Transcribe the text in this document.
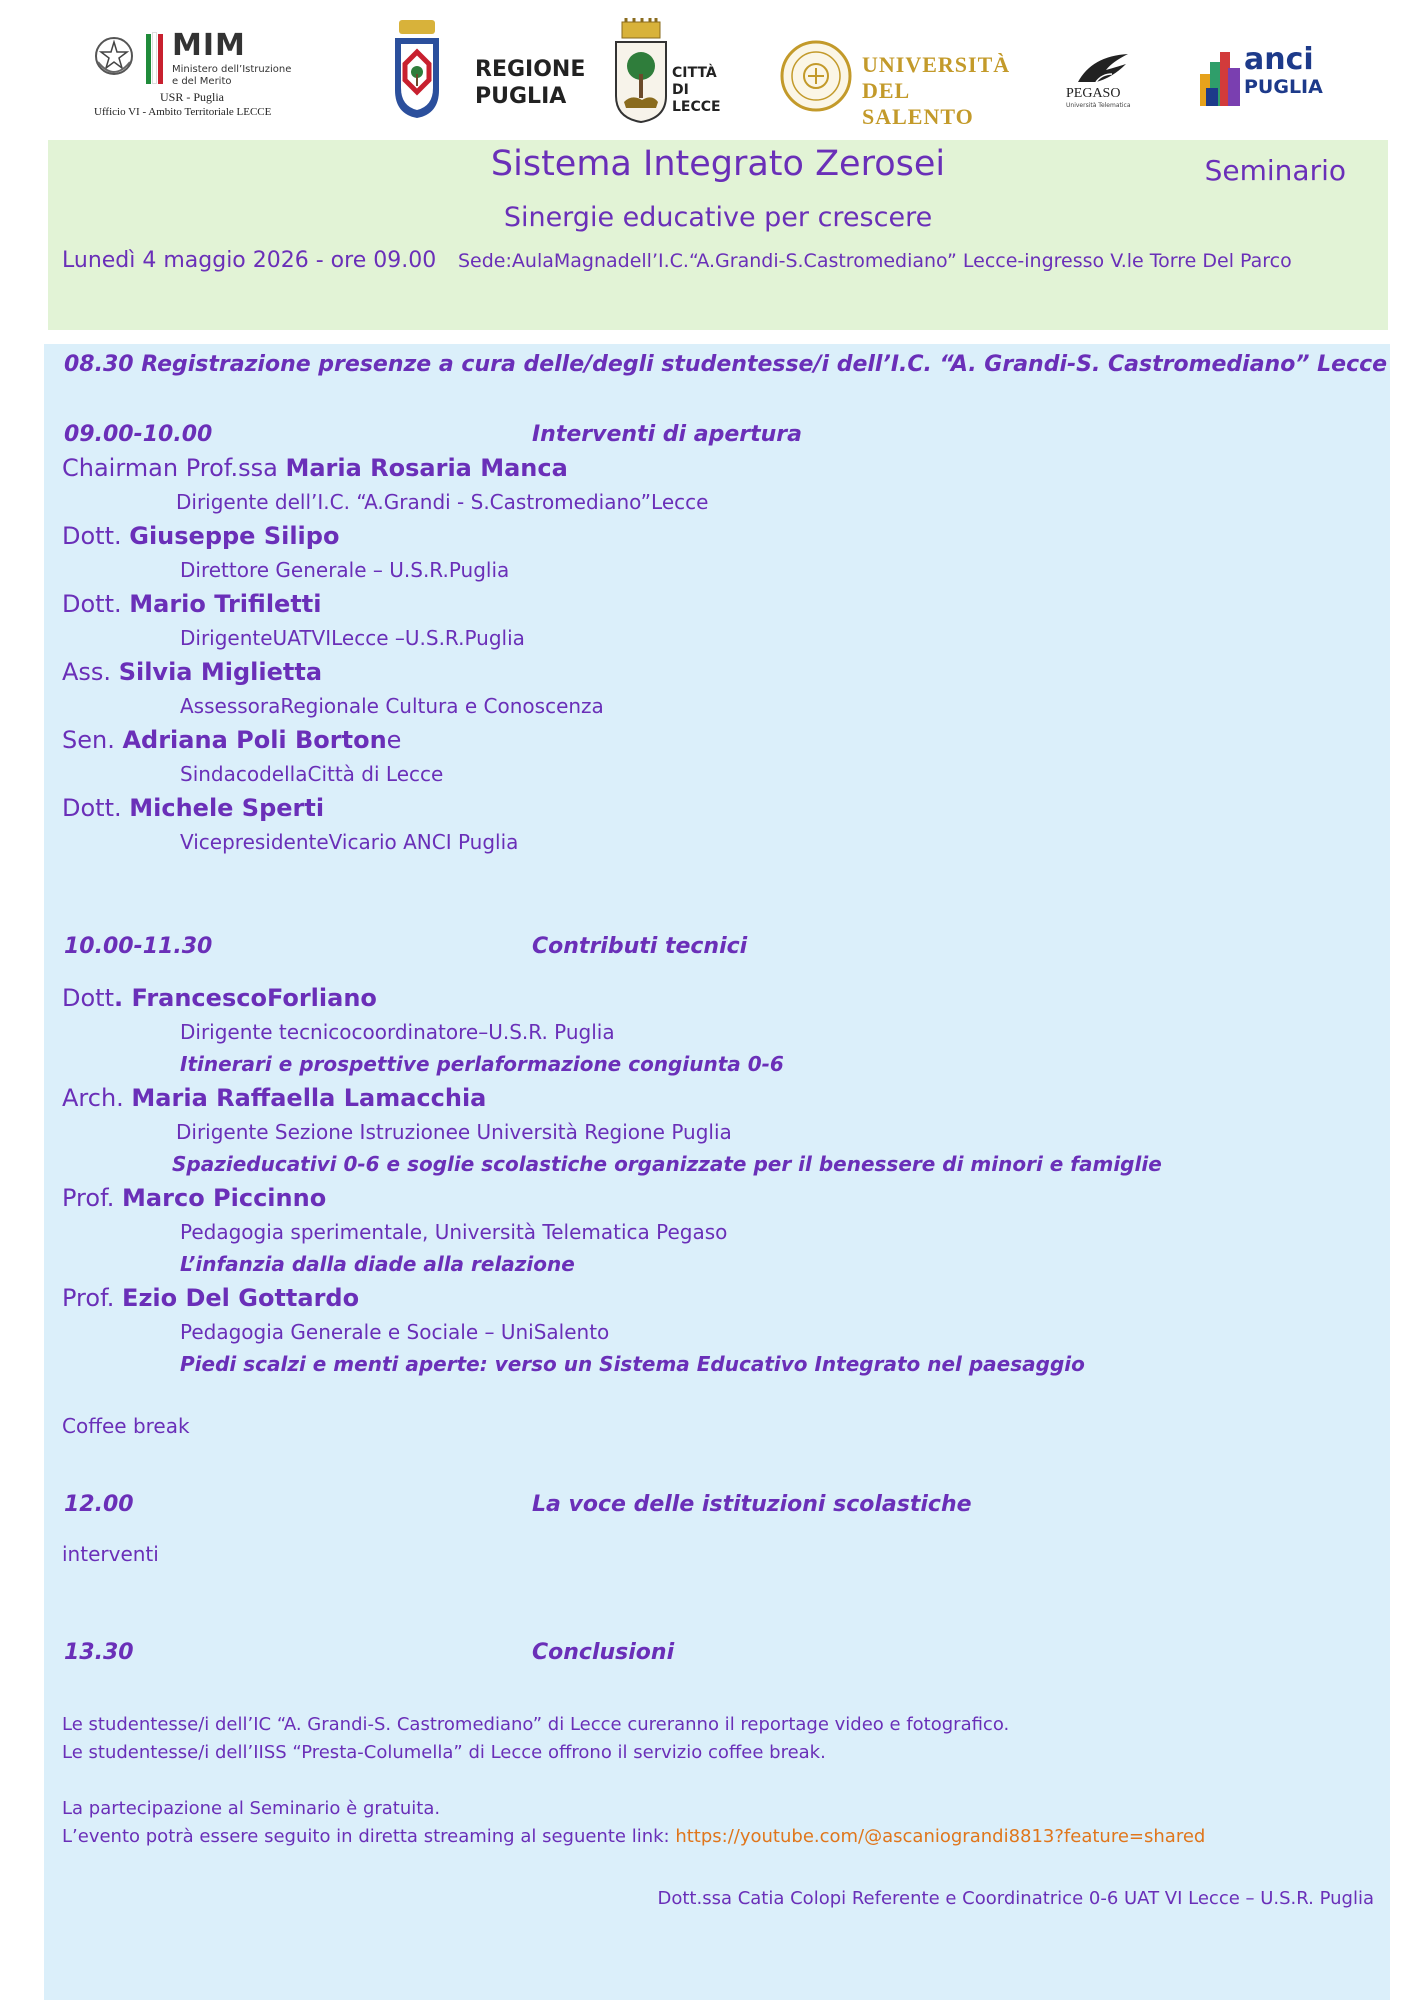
MIM
Ministero dell’Istruzione
e del Merito
USR - Puglia
Ufficio VI - Ambito Territoriale LECCE
REGIONE
PUGLIA
CITTÀ
DI LECCE
UNIVERSITÀ
DEL SALENTO
PEGASO
Università Telematica
anci
PUGLIA
Sistema Integrato Zerosei	Seminario
Sinergie educative per crescere
Lunedì 4 maggio 2026 - ore 09.00 Sede:AulaMagnadell’I.C.“A.Grandi-S.Castromediano” Lecce-ingresso V.le Torre Del Parco
08.30 Registrazione presenze a cura delle/degli studentesse/i dell’I.C. “A. Grandi-S. Castromediano” Lecce
09.00-10.00	Interventi di apertura
Chairman Prof.ssa Maria Rosaria Manca
Dirigente dell’I.C. “A.Grandi - S.Castromediano”Lecce
Dott. Giuseppe Silipo
Direttore Generale – U.S.R.Puglia
Dott. Mario Trifiletti
DirigenteUATVILecce –U.S.R.Puglia
Ass. Silvia Miglietta
AssessoraRegionale Cultura e Conoscenza
Sen. Adriana Poli Bortone
SindacodellaCittà di Lecce
Dott. Michele Sperti
VicepresidenteVicario ANCI Puglia
10.00-11.30	Contributi tecnici
Dott. FrancescoForliano
Dirigente tecnicocoordinatore–U.S.R. Puglia
Itinerari e prospettive perlaformazione congiunta 0-6
Arch. Maria Raffaella Lamacchia
Dirigente Sezione Istruzionee Università Regione Puglia
Spazieducativi 0-6 e soglie scolastiche organizzate per il benessere di minori e famiglie
Prof. Marco Piccinno
Pedagogia sperimentale, Università Telematica Pegaso
L’infanzia dalla diade alla relazione
Prof. Ezio Del Gottardo
Pedagogia Generale e Sociale – UniSalento
Piedi scalzi e menti aperte: verso un Sistema Educativo Integrato nel paesaggio
Coffee break
12.00	La voce delle istituzioni scolastiche
interventi
13.30	Conclusioni
Le studentesse/i dell’IC “A. Grandi-S. Castromediano” di Lecce cureranno il reportage video e fotografico.
Le studentesse/i dell’IISS “Presta-Columella” di Lecce offrono il servizio coffee break.
La partecipazione al Seminario è gratuita.
L’evento potrà essere seguito in diretta streaming al seguente link: https://youtube.com/@ascaniograndi8813?feature=shared
Dott.ssa Catia Colopi Referente e Coordinatrice 0-6 UAT VI Lecce – U.S.R. Puglia
